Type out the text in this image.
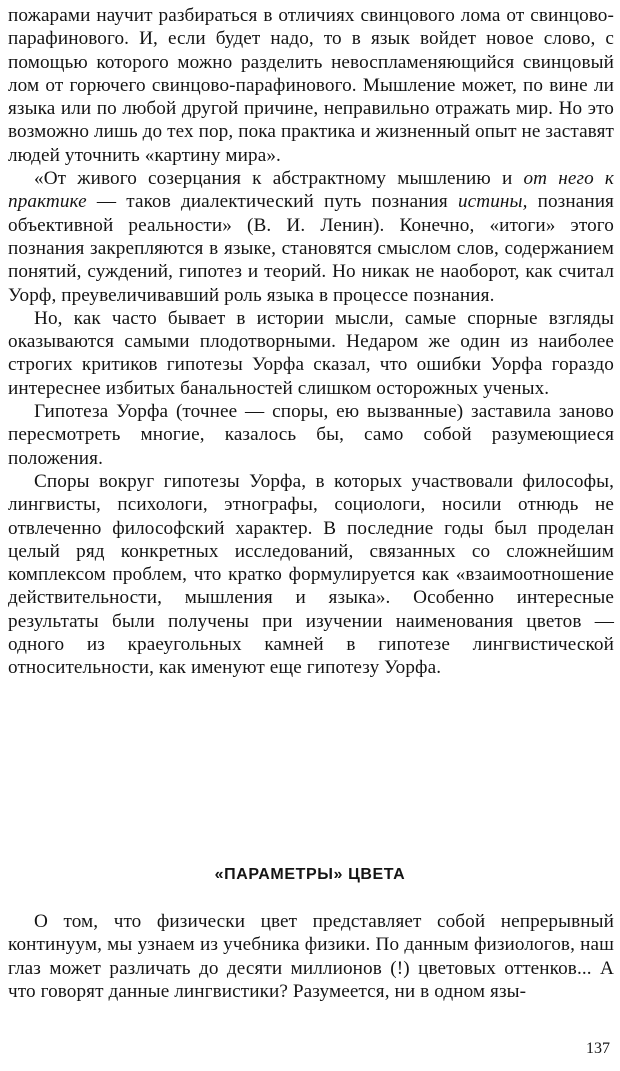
пожарами научит разбираться в отличиях свинцового лома от свинцово-парафинового. И, если будет надо, то в язык войдет новое слово, с помощью которого можно разделить невоспламеняющийся свинцовый лом от горючего свинцово-парафинового. Мышление может, по вине ли языка или по любой другой причине, неправильно отражать мир. Но это возможно лишь до тех пор, пока практика и жизненный опыт не заставят людей уточнить «картину мира».

«От живого созерцания к абстрактному мышлению и от него к практике — таков диалектический путь познания истины, познания объективной реальности» (В. И. Ленин). Конечно, «итоги» этого познания закрепляются в языке, становятся смыслом слов, содержанием понятий, суждений, гипотез и теорий. Но никак не наоборот, как считал Уорф, преувеличивавший роль языка в процессе познания.

Но, как часто бывает в истории мысли, самые спорные взгляды оказываются самыми плодотворными. Недаром же один из наиболее строгих критиков гипотезы Уорфа сказал, что ошибки Уорфа гораздо интереснее избитых банальностей слишком осторожных ученых.

Гипотеза Уорфа (точнее — споры, ею вызванные) заставила заново пересмотреть многие, казалось бы, само собой разумеющиеся положения.

Споры вокруг гипотезы Уорфа, в которых участвовали философы, лингвисты, психологи, этнографы, социологи, носили отнюдь не отвлеченно философский характер. В последние годы был проделан целый ряд конкретных исследований, связанных со сложнейшим комплексом проблем, что кратко формулируется как «взаимоотношение действительности, мышления и языка». Особенно интересные результаты были получены при изучении наименования цветов — одного из краеугольных камней в гипотезе лингвистической относительности, как именуют еще гипотезу Уорфа.

«ПАРАМЕТРЫ» ЦВЕТА

О том, что физически цвет представляет собой непрерывный континуум, мы узнаем из учебника физики. По данным физиологов, наш глаз может различать до десяти миллионов (!) цветовых оттенков... А что говорят данные лингвистики? Разумеется, ни в одном язы-

137
